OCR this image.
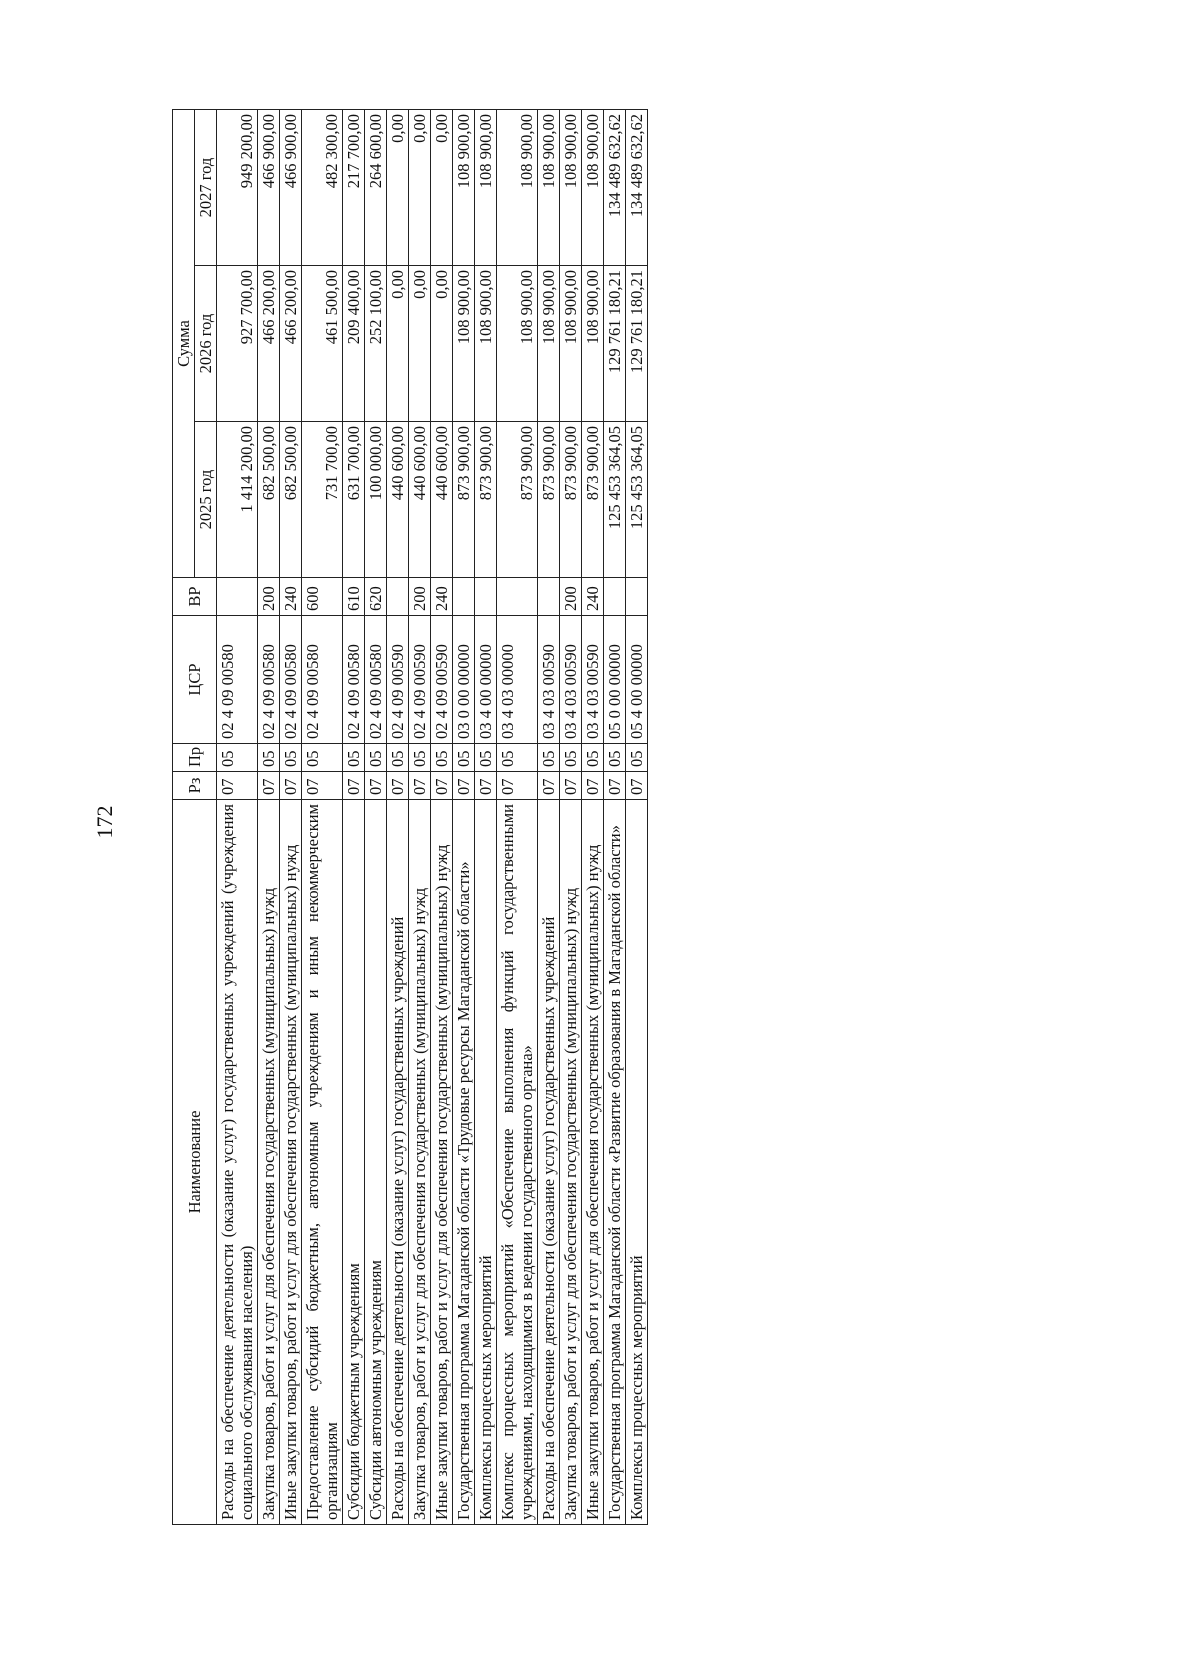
172
Наименование	Рз	Пр	ЦСР	ВР	Сумма		
					2025 год	2026 год	2027 год
Расходы на обеспечение деятельности (оказание услуг) государственных учреждений (учреждения социального обслуживания населения)	07	05	02 4 09 00580		1 414 200,00	927 700,00	949 200,00
Закупка товаров, работ и услуг для обеспечения государственных (муниципальных) нужд	07	05	02 4 09 00580	200	682 500,00	466 200,00	466 900,00
Иные закупки товаров, работ и услуг для обеспечения государственных (муниципальных) нужд	07	05	02 4 09 00580	240	682 500,00	466 200,00	466 900,00
Предоставление субсидий бюджетным, автономным учреждениям и иным некоммерческим организациям	07	05	02 4 09 00580	600	731 700,00	461 500,00	482 300,00
Субсидии бюджетным учреждениям	07	05	02 4 09 00580	610	631 700,00	209 400,00	217 700,00
Субсидии автономным учреждениям	07	05	02 4 09 00580	620	100 000,00	252 100,00	264 600,00
Расходы на обеспечение деятельности (оказание услуг) государственных учреждений	07	05	02 4 09 00590		440 600,00	0,00	0,00
Закупка товаров, работ и услуг для обеспечения государственных (муниципальных) нужд	07	05	02 4 09 00590	200	440 600,00	0,00	0,00
Иные закупки товаров, работ и услуг для обеспечения государственных (муниципальных) нужд	07	05	02 4 09 00590	240	440 600,00	0,00	0,00
Государственная программа Магаданской области «Трудовые ресурсы Магаданской области»	07	05	03 0 00 00000		873 900,00	108 900,00	108 900,00
Комплексы процессных мероприятий	07	05	03 4 00 00000		873 900,00	108 900,00	108 900,00
Комплекс процессных мероприятий «Обеспечение выполнения функций государственными учреждениями, находящимися в ведении государственного органа»	07	05	03 4 03 00000		873 900,00	108 900,00	108 900,00
Расходы на обеспечение деятельности (оказание услуг) государственных учреждений	07	05	03 4 03 00590		873 900,00	108 900,00	108 900,00
Закупка товаров, работ и услуг для обеспечения государственных (муниципальных) нужд	07	05	03 4 03 00590	200	873 900,00	108 900,00	108 900,00
Иные закупки товаров, работ и услуг для обеспечения государственных (муниципальных) нужд	07	05	03 4 03 00590	240	873 900,00	108 900,00	108 900,00
Государственная программа Магаданской области «Развитие образования в Магаданской области»	07	05	05 0 00 00000		125 453 364,05	129 761 180,21	134 489 632,62
Комплексы процессных мероприятий	07	05	05 4 00 00000		125 453 364,05	129 761 180,21	134 489 632,62
